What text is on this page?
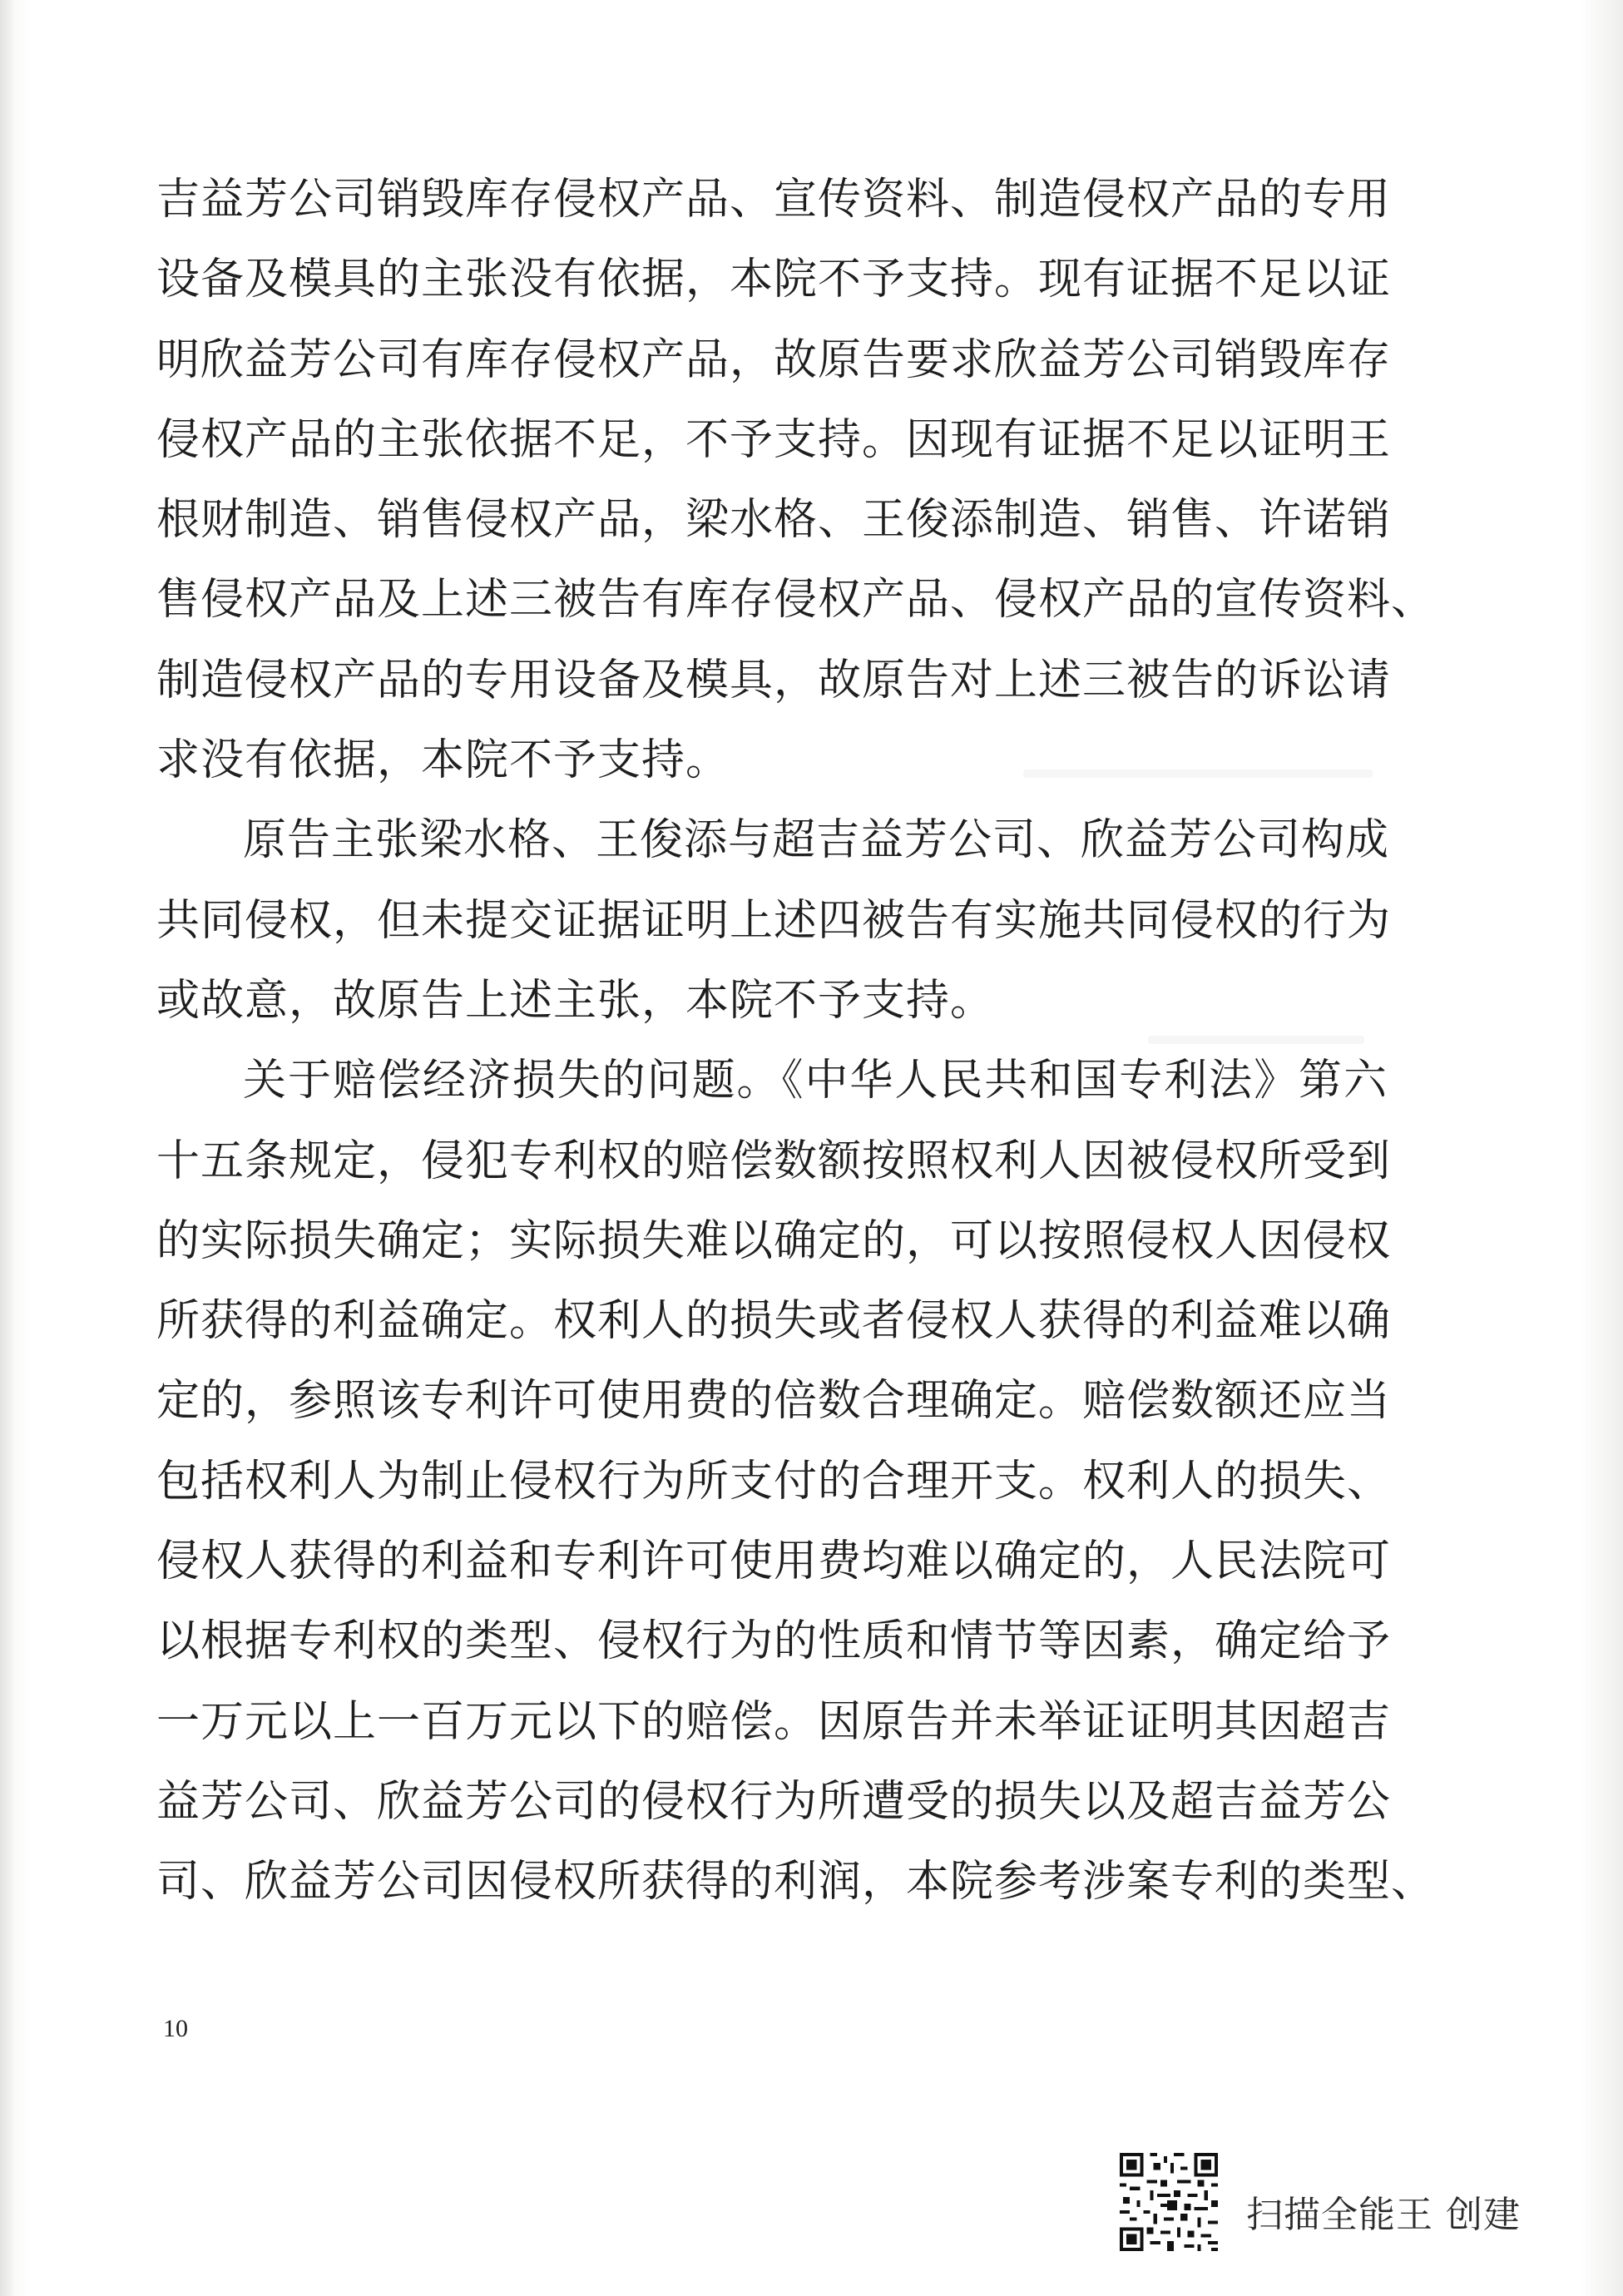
吉益芳公司销毁库存侵权产品、宣传资料、制造侵权产品的专用
设备及模具的主张没有依据，本院不予支持。现有证据不足以证
明欣益芳公司有库存侵权产品，故原告要求欣益芳公司销毁库存
侵权产品的主张依据不足，不予支持。因现有证据不足以证明王
根财制造、销售侵权产品，梁水格、王俊添制造、销售、许诺销
售侵权产品及上述三被告有库存侵权产品、侵权产品的宣传资料、
制造侵权产品的专用设备及模具，故原告对上述三被告的诉讼请
求没有依据，本院不予支持。
原告主张梁水格、王俊添与超吉益芳公司、欣益芳公司构成
共同侵权，但未提交证据证明上述四被告有实施共同侵权的行为
或故意，故原告上述主张，本院不予支持。
关于赔偿经济损失的问题。《中华人民共和国专利法》第六
十五条规定，侵犯专利权的赔偿数额按照权利人因被侵权所受到
的实际损失确定；实际损失难以确定的，可以按照侵权人因侵权
所获得的利益确定。权利人的损失或者侵权人获得的利益难以确
定的，参照该专利许可使用费的倍数合理确定。赔偿数额还应当
包括权利人为制止侵权行为所支付的合理开支。权利人的损失、
侵权人获得的利益和专利许可使用费均难以确定的，人民法院可
以根据专利权的类型、侵权行为的性质和情节等因素，确定给予
一万元以上一百万元以下的赔偿。因原告并未举证证明其因超吉
益芳公司、欣益芳公司的侵权行为所遭受的损失以及超吉益芳公
司、欣益芳公司因侵权所获得的利润，本院参考涉案专利的类型、
10
扫描全能王 创建
